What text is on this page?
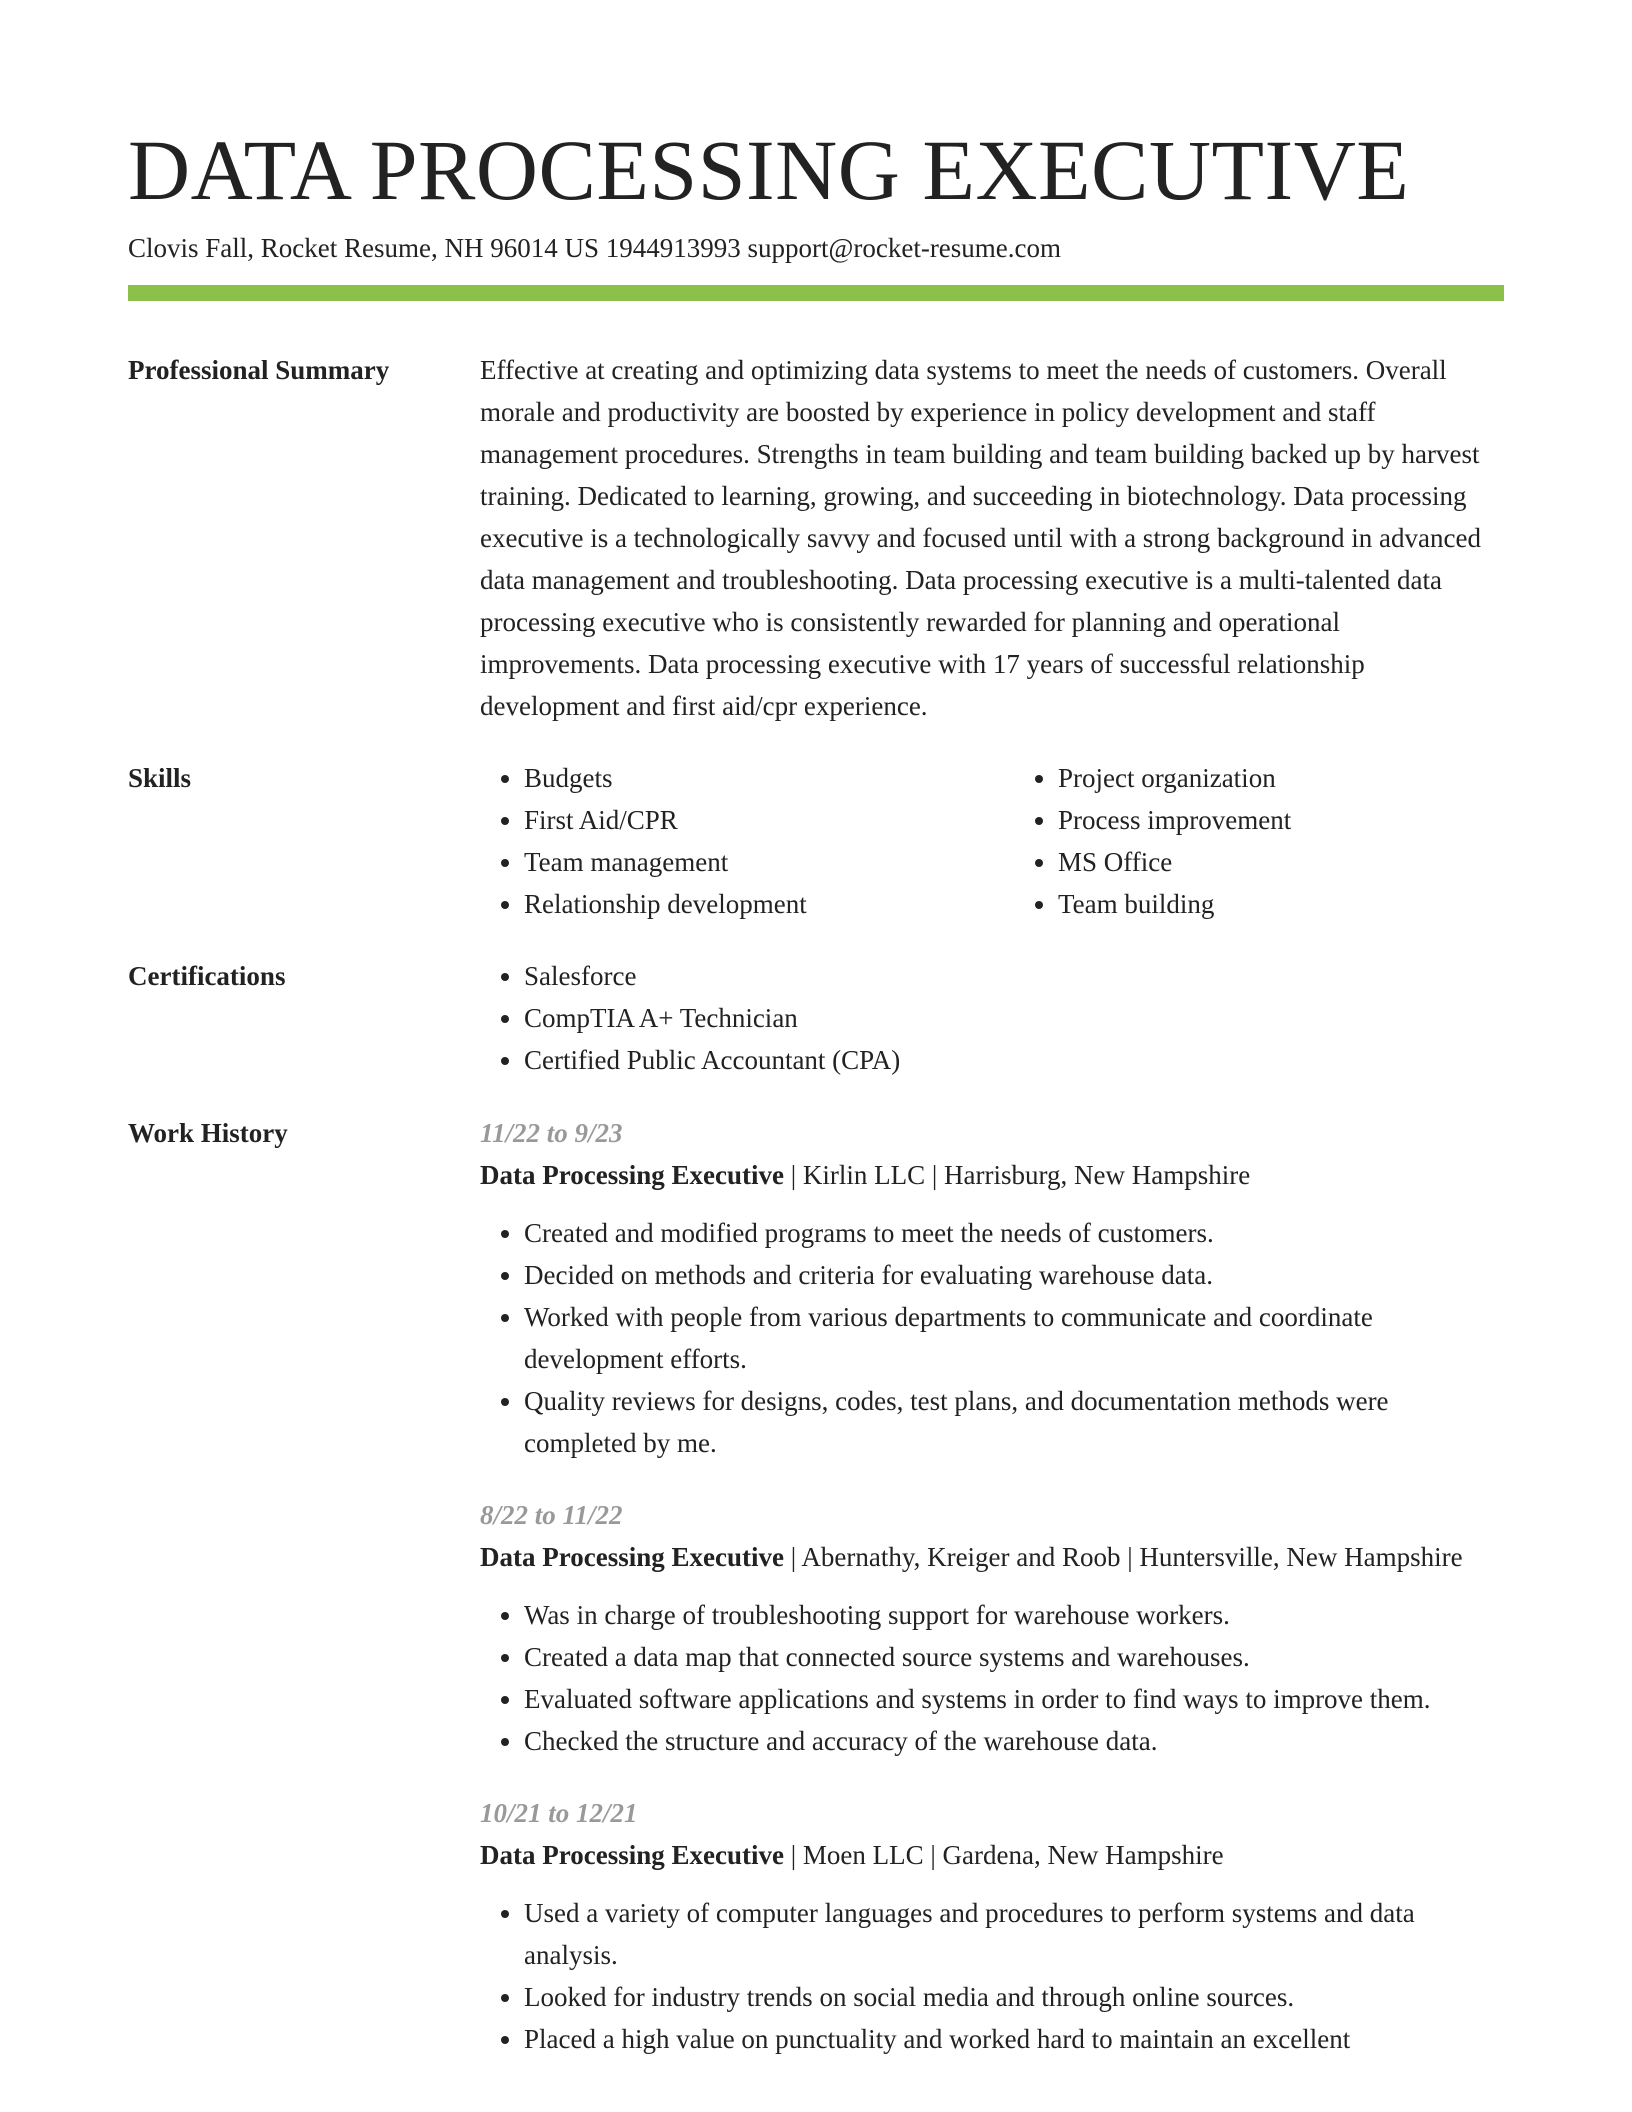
DATA PROCESSING EXECUTIVE
Clovis Fall, Rocket Resume, NH 96014 US 1944913993 support@rocket-resume.com
Professional Summary	Effective at creating and optimizing data systems to meet the needs of customers. Overall morale and productivity are boosted by experience in policy development and staff management procedures. Strengths in team building and team building backed up by harvest training. Dedicated to learning, growing, and succeeding in biotechnology. Data processing executive is a technologically savvy and focused until with a strong background in advanced data management and troubleshooting. Data processing executive is a multi-talented data processing executive who is consistently rewarded for planning and operational improvements. Data processing executive with 17 years of successful relationship development and first aid/cpr experience.

Skills	• Budgets
• First Aid/CPR
• Team management
• Relationship development
• Project organization
• Process improvement
• MS Office
• Team building
Certifications	• Salesforce
• CompTIA A+ Technician
• Certified Public Accountant (CPA)
Work History	11/22 to 9/23
Data Processing Executive | Kirlin LLC | Harrisburg, New Hampshire
• Created and modified programs to meet the needs of customers.
• Decided on methods and criteria for evaluating warehouse data.
• Worked with people from various departments to communicate and coordinate development efforts.
• Quality reviews for designs, codes, test plans, and documentation methods were completed by me.
8/22 to 11/22
Data Processing Executive | Abernathy, Kreiger and Roob | Huntersville, New Hampshire
• Was in charge of troubleshooting support for warehouse workers.
• Created a data map that connected source systems and warehouses.
• Evaluated software applications and systems in order to find ways to improve them.
• Checked the structure and accuracy of the warehouse data.
10/21 to 12/21
Data Processing Executive | Moen LLC | Gardena, New Hampshire
• Used a variety of computer languages and procedures to perform systems and data analysis.
• Looked for industry trends on social media and through online sources.
• Placed a high value on punctuality and worked hard to maintain an excellent
